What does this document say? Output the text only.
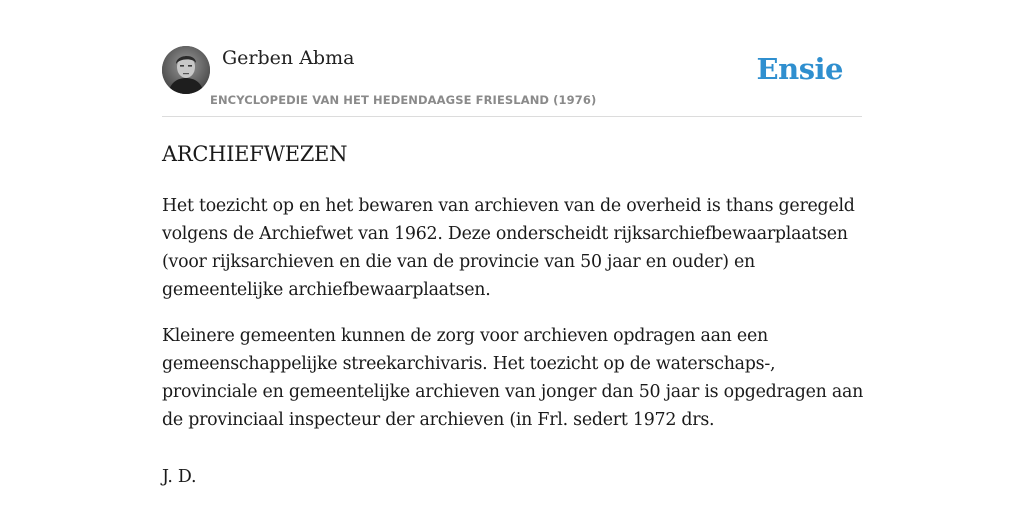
Gerben Abma
ENCYCLOPEDIE VAN HET HEDENDAAGSE FRIESLAND (1976)
Ensie
ARCHIEFWEZEN

Het toezicht op en het bewaren van archieven van de overheid is thans geregeld volgens de Archiefwet van 1962. Deze onderscheidt rijksarchiefbewaarplaatsen (voor rijksarchieven en die van de provincie van 50 jaar en ouder) en gemeentelijke archiefbewaarplaatsen.

Kleinere gemeenten kunnen de zorg voor archieven opdragen aan een gemeenschappelijke streekarchivaris. Het toezicht op de waterschaps-, provinciale en gemeentelijke archieven van jonger dan 50 jaar is opgedragen aan de provinciaal inspecteur der archieven (in Frl. sedert 1972 drs.

J. D.
